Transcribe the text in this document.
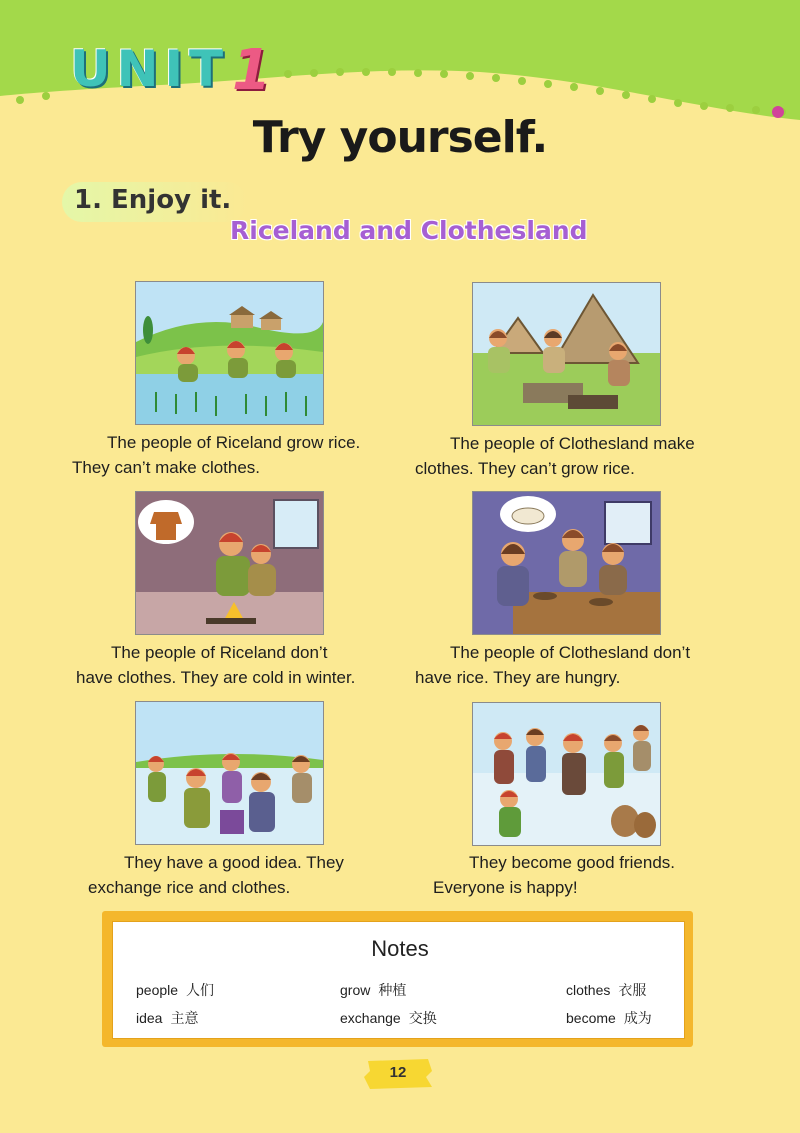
UNIT 1
Try yourself.
1. Enjoy it.
Riceland and Clothesland
The people of Riceland grow rice.
They can’t make clothes.
The people of Clothesland make
clothes. They can’t grow rice.
The people of Riceland don’t
have clothes. They are cold in winter.
The people of Clothesland don’t
have rice. They are hungry.
They have a good idea. They
exchange rice and clothes.
They become good friends.
Everyone is happy!
Notes
people 人们	grow 种植	clothes 衣服
idea 主意	exchange 交换	become 成为
12
